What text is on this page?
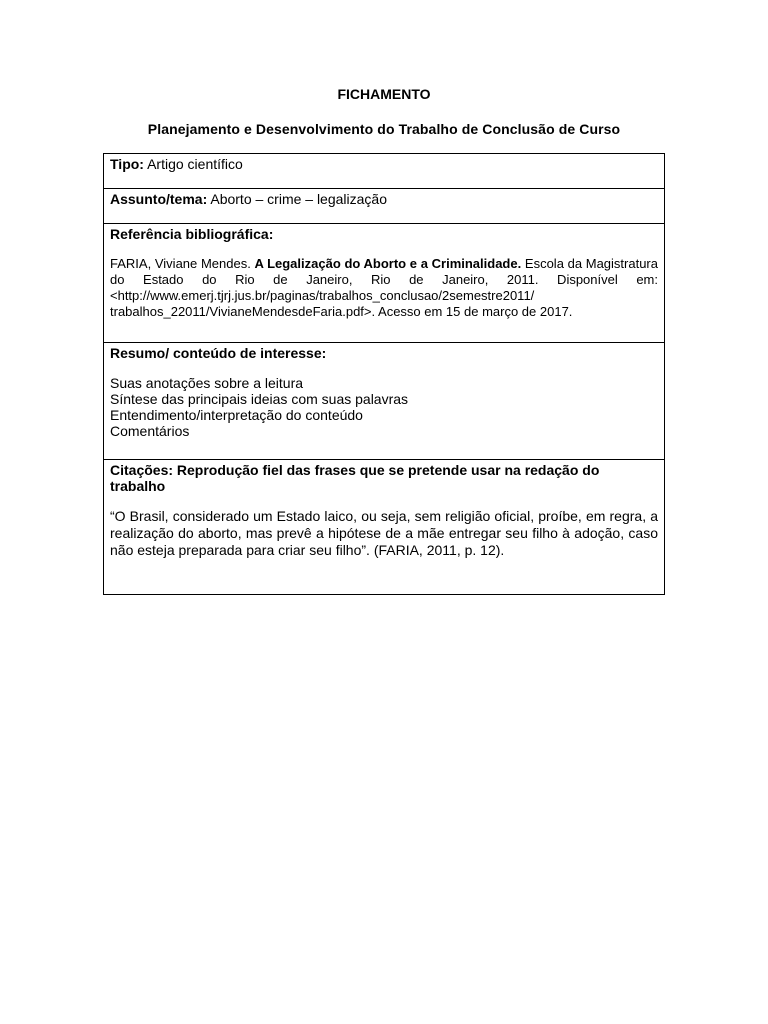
FICHAMENTO
Planejamento e Desenvolvimento do Trabalho de Conclusão de Curso
Tipo: Artigo científico
Assunto/tema: Aborto – crime – legalização

Referência bibliográfica:
FARIA, Viviane Mendes. A Legalização do Aborto e a Criminalidade. Escola da Magistratura do Estado do Rio de Janeiro, Rio de Janeiro, 2011. Disponível em: <http://www.emerj.tjrj.jus.br/paginas/trabalhos_conclusao/2semestre2011/ trabalhos_22011/VivianeMendesdeFaria.pdf>. Acesso em 15 de março de 2017.

Resumo/ conteúdo de interesse:
Suas anotações sobre a leitura
Síntese das principais ideias com suas palavras
Entendimento/interpretação do conteúdo
Comentários

Citações: Reprodução fiel das frases que se pretende usar na redação do trabalho
“O Brasil, considerado um Estado laico, ou seja, sem religião oficial, proíbe, em regra, a realização do aborto, mas prevê a hipótese de a mãe entregar seu filho à adoção, caso não esteja preparada para criar seu filho”. (FARIA, 2011, p. 12).
